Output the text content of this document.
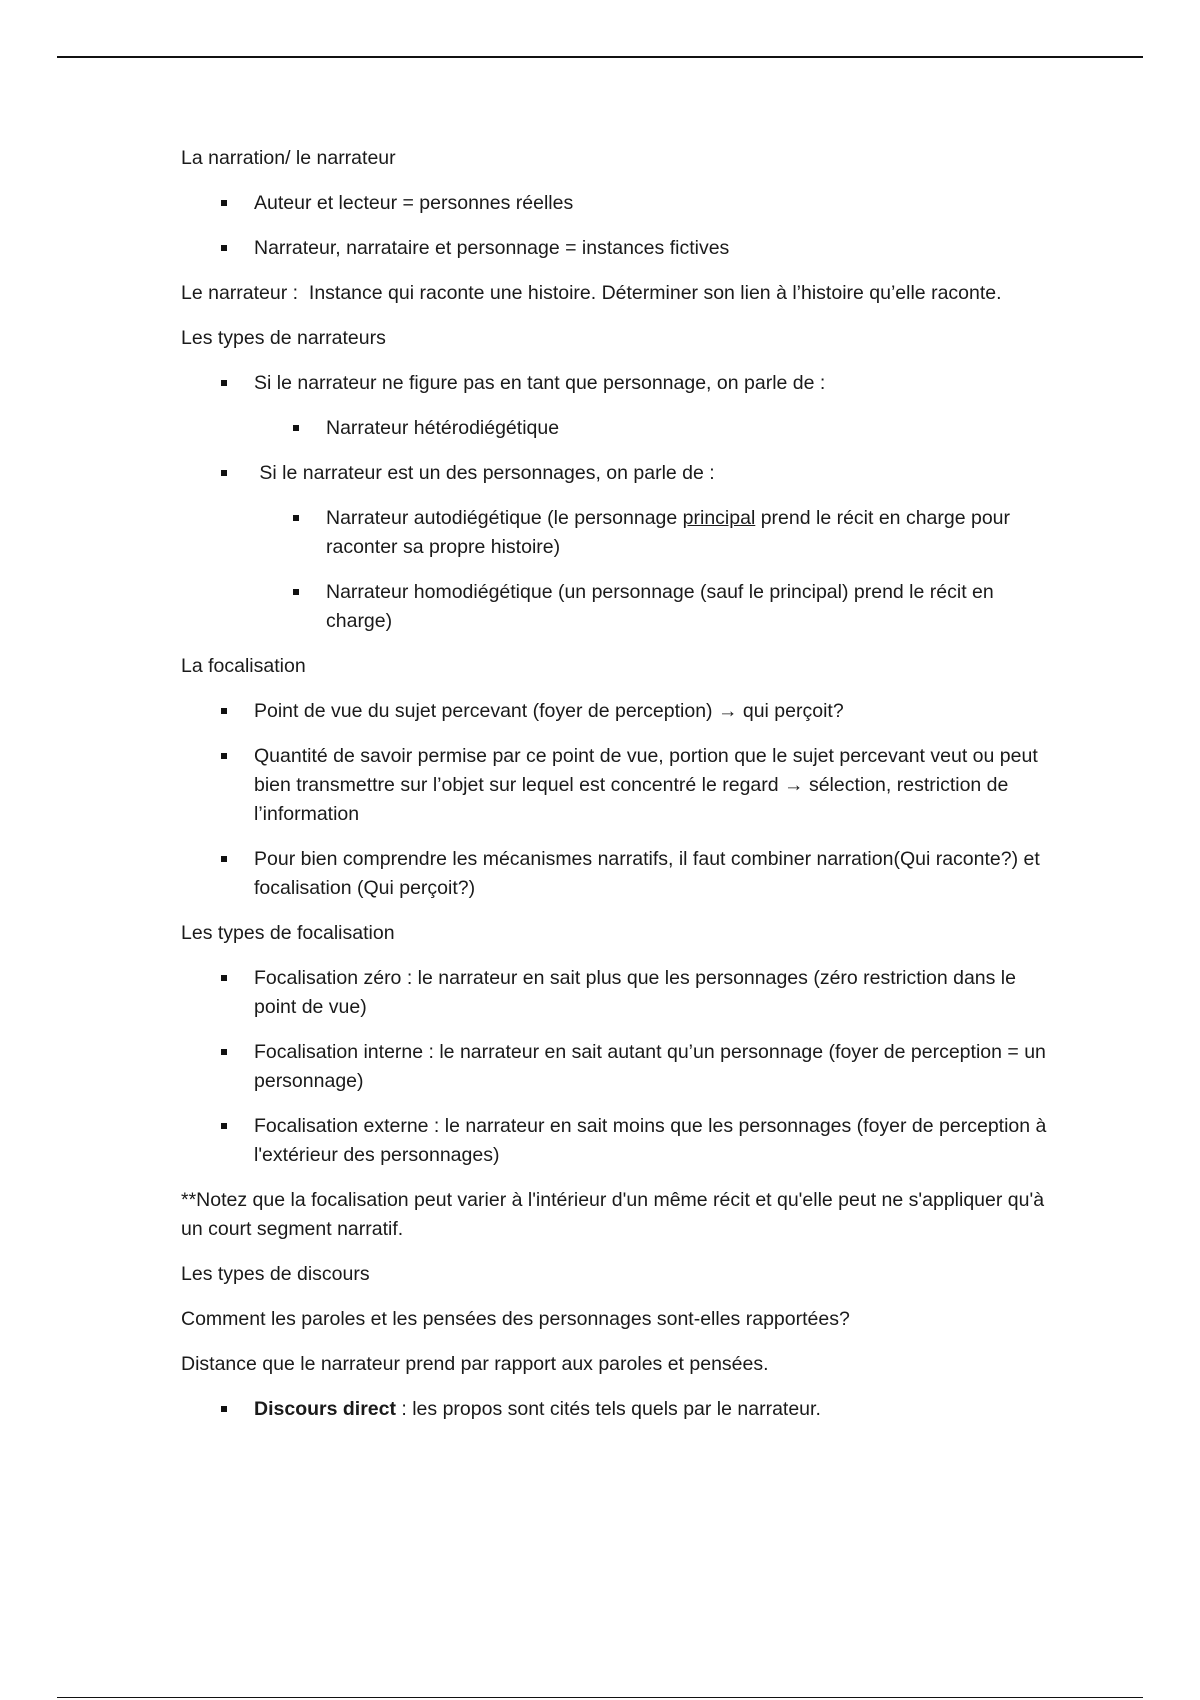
La narration/ le narrateur

Auteur et lecteur = personnes réelles
Narrateur, narrataire et personnage = instances fictives

Le narrateur :  Instance qui raconte une histoire. Déterminer son lien à l’histoire qu’elle raconte.

Les types de narrateurs

Si le narrateur ne figure pas en tant que personnage, on parle de :
Narrateur hétérodiégétique
Si le narrateur est un des personnages, on parle de :
Narrateur autodiégétique (le personnage principal prend le récit en charge pour raconter sa propre histoire)
Narrateur homodiégétique (un personnage (sauf le principal) prend le récit en charge)

La focalisation

Point de vue du sujet percevant (foyer de perception) → qui perçoit?
Quantité de savoir permise par ce point de vue, portion que le sujet percevant veut ou peut bien transmettre sur l’objet sur lequel est concentré le regard → sélection, restriction de l’information
Pour bien comprendre les mécanismes narratifs, il faut combiner narration(Qui raconte?) et focalisation (Qui perçoit?)

Les types de focalisation

Focalisation zéro : le narrateur en sait plus que les personnages (zéro restriction dans le point de vue)
Focalisation interne : le narrateur en sait autant qu’un personnage (foyer de perception = un personnage)
Focalisation externe : le narrateur en sait moins que les personnages (foyer de perception à l'extérieur des personnages)

**Notez que la focalisation peut varier à l'intérieur d'un même récit et qu'elle peut ne s'appliquer qu'à un court segment narratif.

Les types de discours

Comment les paroles et les pensées des personnages sont-elles rapportées?

Distance que le narrateur prend par rapport aux paroles et pensées.

Discours direct : les propos sont cités tels quels par le narrateur.
